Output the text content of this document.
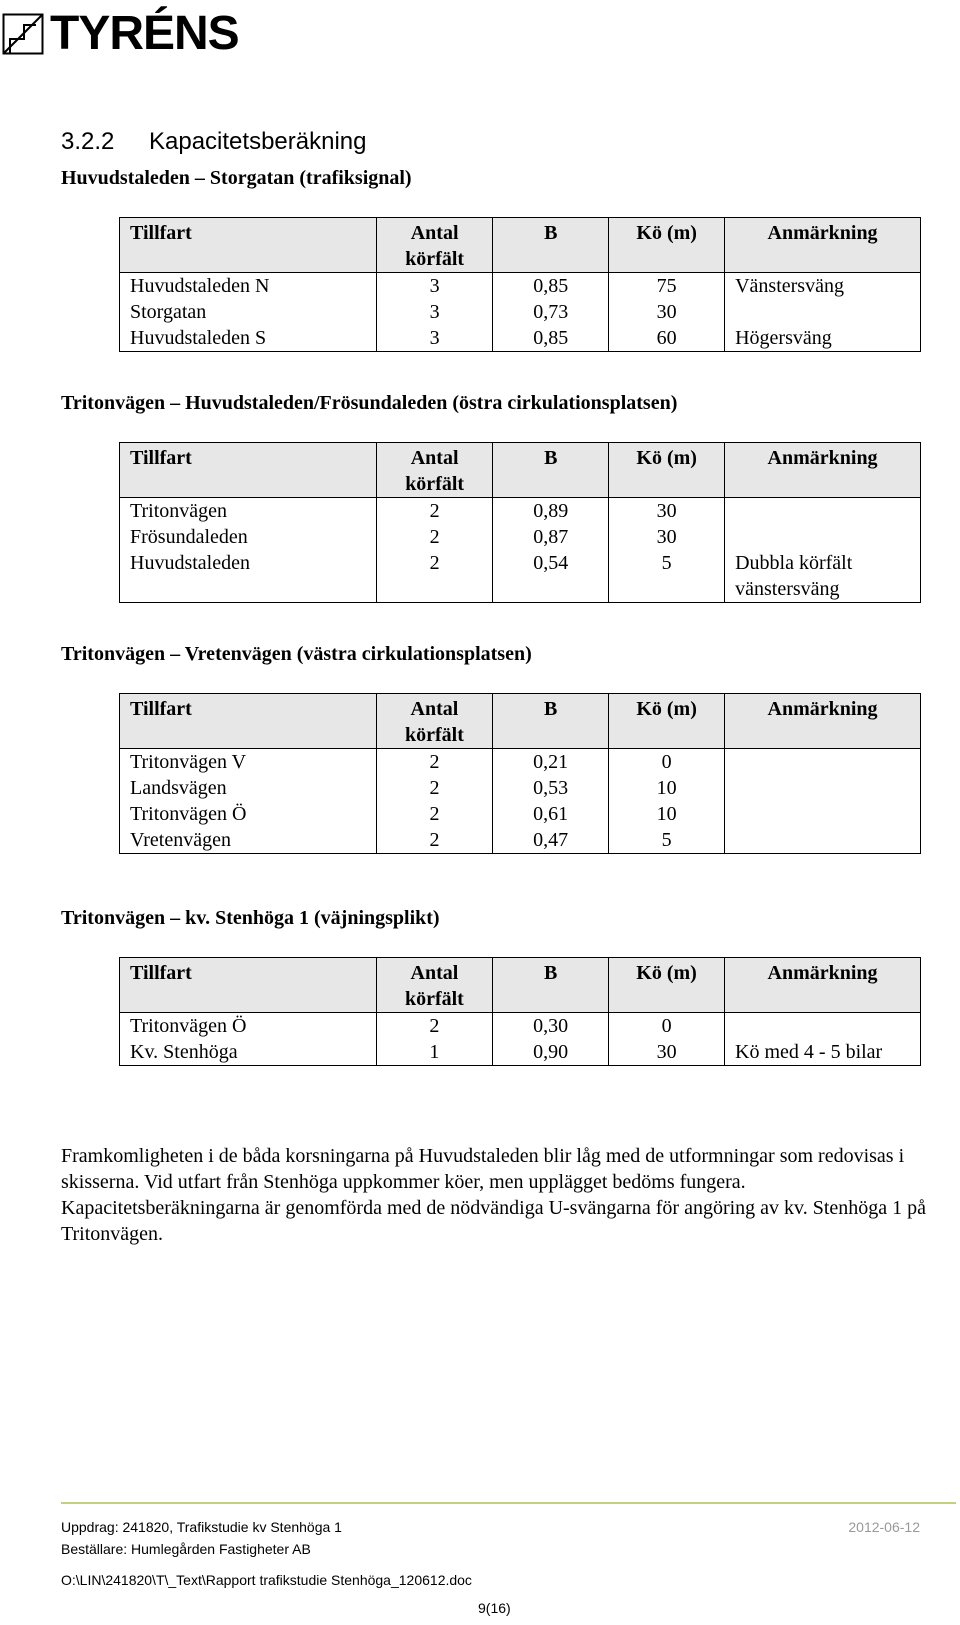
TYRÉNS
3.2.2 Kapacitetsberäkning
Huvudstaleden – Storgatan (trafiksignal)
Tillfart	Antal körfält	B	Kö (m)	Anmärkning
Huvudstaleden N	3	0,85	75	Vänstersväng
Storgatan	3	0,73	30	
Huvudstaleden S	3	0,85	60	Högersväng
Tritonvägen – Huvudstaleden/Frösundaleden (östra cirkulationsplatsen)
Tillfart	Antal körfält	B	Kö (m)	Anmärkning
Tritonvägen	2	0,89	30	
Frösundaleden	2	0,87	30	
Huvudstaleden	2	0,54	5	Dubbla körfält vänstersväng
Tritonvägen – Vretenvägen (västra cirkulationsplatsen)
Tillfart	Antal körfält	B	Kö (m)	Anmärkning
Tritonvägen V	2	0,21	0	
Landsvägen	2	0,53	10	
Tritonvägen Ö	2	0,61	10	
Vretenvägen	2	0,47	5	
Tritonvägen – kv. Stenhöga 1 (väjningsplikt)
Tillfart	Antal körfält	B	Kö (m)	Anmärkning
Tritonvägen Ö	2	0,30	0	
Kv. Stenhöga	1	0,90	30	Kö med 4 - 5 bilar

Framkomligheten i de båda korsningarna på Huvudstaleden blir låg med de utformningar som redovisas i skisserna. Vid utfart från Stenhöga uppkommer köer, men upplägget bedöms fungera. Kapacitetsberäkningarna är genomförda med de nödvändiga U-svängarna för angöring av kv. Stenhöga 1 på Tritonvägen.

Uppdrag: 241820, Trafikstudie kv Stenhöga 1	2012-06-12
Beställare: Humlegården Fastigheter AB
O:\LIN\241820\T\_Text\Rapport trafikstudie Stenhöga_120612.doc
9(16)
